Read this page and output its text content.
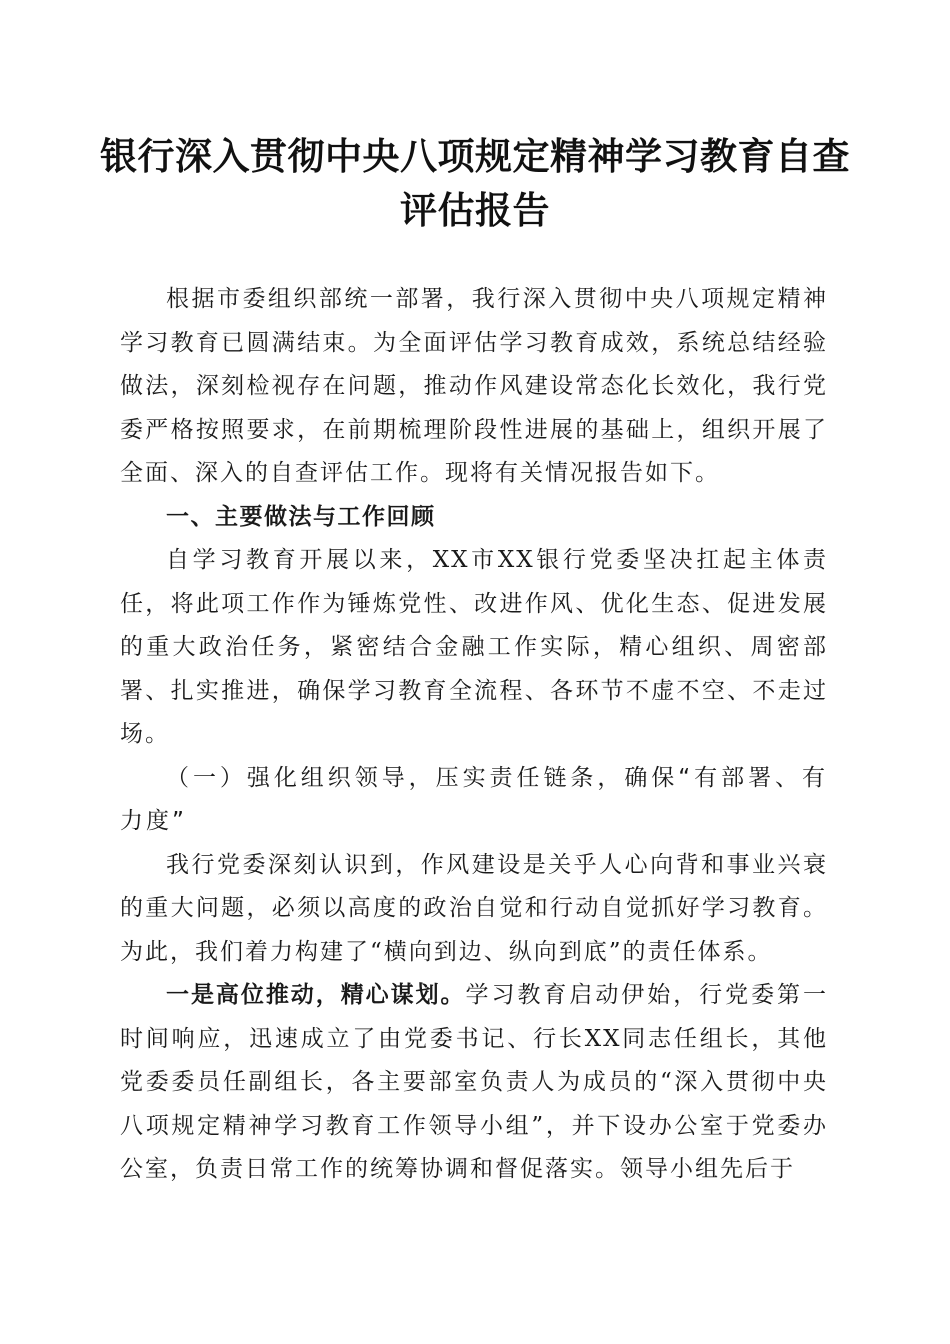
银行深入贯彻中央八项规定精神学习教育自查评估报告

根据市委组织部统一部署，我行深入贯彻中央八项规定精神学习教育已圆满结束。为全面评估学习教育成效，系统总结经验做法，深刻检视存在问题，推动作风建设常态化长效化，我行党委严格按照要求，在前期梳理阶段性进展的基础上，组织开展了全面、深入的自查评估工作。现将有关情况报告如下。

一、主要做法与工作回顾

自学习教育开展以来，XX市XX银行党委坚决扛起主体责任，将此项工作作为锤炼党性、改进作风、优化生态、促进发展的重大政治任务，紧密结合金融工作实际，精心组织、周密部署、扎实推进，确保学习教育全流程、各环节不虚不空、不走过场。

（一）强化组织领导，压实责任链条，确保“有部署、有力度”

我行党委深刻认识到，作风建设是关乎人心向背和事业兴衰的重大问题，必须以高度的政治自觉和行动自觉抓好学习教育。为此，我们着力构建了“横向到边、纵向到底”的责任体系。

一是高位推动，精心谋划。学习教育启动伊始，行党委第一时间响应，迅速成立了由党委书记、行长XX同志任组长，其他党委委员任副组长，各主要部室负责人为成员的“深入贯彻中央八项规定精神学习教育工作领导小组”，并下设办公室于党委办公室，负责日常工作的统筹协调和督促落实。领导小组先后于
